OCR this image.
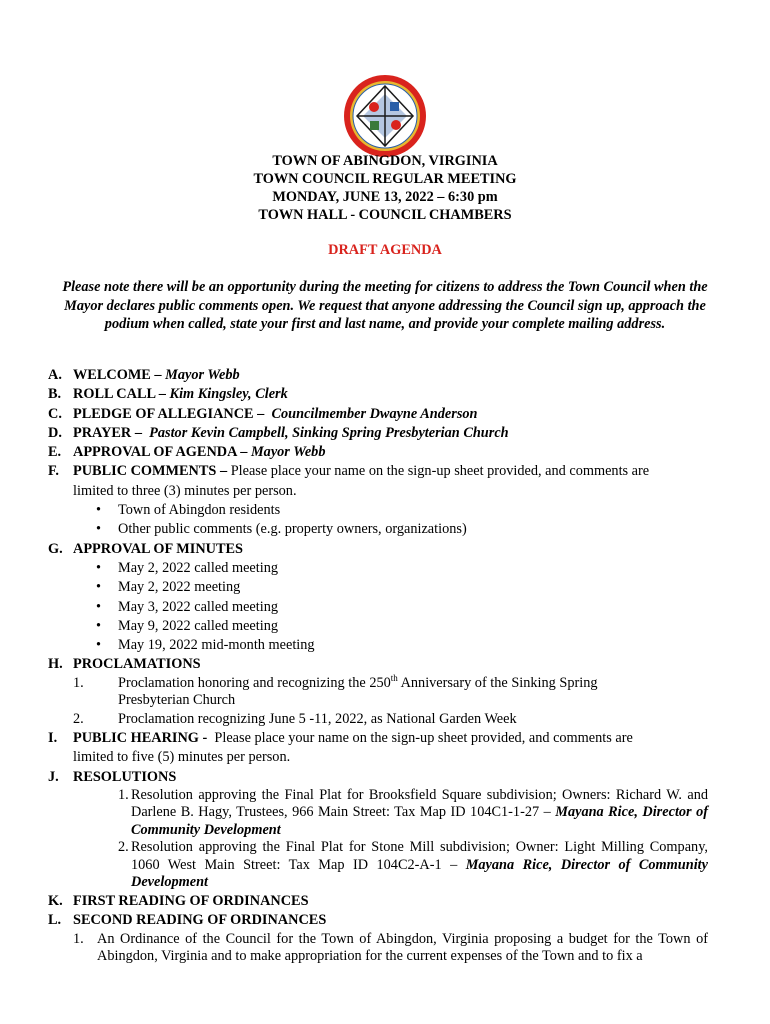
TOWN OF ABINGDON, VIRGINIA
TOWN COUNCIL REGULAR MEETING
MONDAY, JUNE 13, 2022 – 6:30 pm
TOWN HALL - COUNCIL CHAMBERS
DRAFT AGENDA
Please note there will be an opportunity during the meeting for citizens to address the Town Council when the Mayor declares public comments open. We request that anyone addressing the Council sign up, approach the podium when called, state your first and last name, and provide your complete mailing address.
A. WELCOME – Mayor Webb
B. ROLL CALL – Kim Kingsley, Clerk
C. PLEDGE OF ALLEGIANCE – Councilmember Dwayne Anderson
D. PRAYER – Pastor Kevin Campbell, Sinking Spring Presbyterian Church
E. APPROVAL OF AGENDA – Mayor Webb
F. PUBLIC COMMENTS – Please place your name on the sign-up sheet provided, and comments are
limited to three (3) minutes per person.
• Town of Abingdon residents
• Other public comments (e.g. property owners, organizations)
G. APPROVAL OF MINUTES
• May 2, 2022 called meeting
• May 2, 2022 meeting
• May 3, 2022 called meeting
• May 9, 2022 called meeting
• May 19, 2022 mid-month meeting
H. PROCLAMATIONS
1.	Proclamation honoring and recognizing the 250th Anniversary of the Sinking Spring
Presbyterian Church
2.	Proclamation recognizing June 5 -11, 2022, as National Garden Week
I.	PUBLIC HEARING - Please place your name on the sign-up sheet provided, and comments are
limited to five (5) minutes per person.
J. RESOLUTIONS
1. Resolution approving the Final Plat for Brooksfield Square subdivision; Owners: Richard W. and Darlene B. Hagy, Trustees, 966 Main Street: Tax Map ID 104C1-1-27 – Mayana Rice, Director of Community Development
2. Resolution approving the Final Plat for Stone Mill subdivision; Owner: Light Milling Company, 1060 West Main Street: Tax Map ID 104C2-A-1 – Mayana Rice, Director of Community Development
K. FIRST READING OF ORDINANCES
L. SECOND READING OF ORDINANCES
1. An Ordinance of the Council for the Town of Abingdon, Virginia proposing a budget for the Town of Abingdon, Virginia and to make appropriation for the current expenses of the Town and to fix a
